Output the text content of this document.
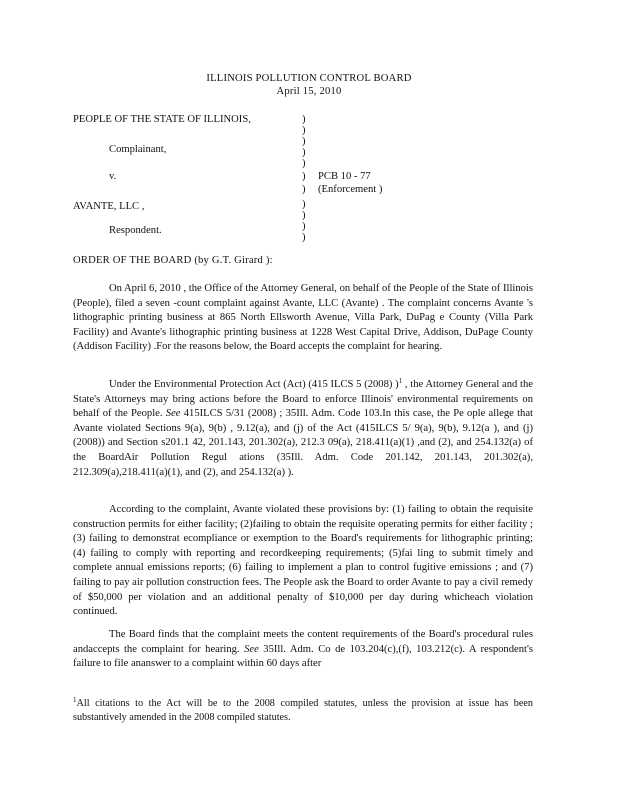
ILLINOIS POLLUTION CONTROL BOARD
April 15, 2010
PEOPLE OF THE STATE OF ILLINOIS,
Complainant,
v.
AVANTE, LLC ,
Respondent.
)
)
)
)
)
)
)
)
)
)
)
PCB 10 - 77
(Enforcement )
ORDER OF THE BOARD (by G.T. Girard ):
On April 6, 2010 , the Office of the Attorney General, on behalf of the People of the State of Illinois (People), filed a seven -count complaint against Avante, LLC (Avante) . The complaint concerns Avante 's lithographic printing business at 865 North Ellsworth Avenue, Villa Park, DuPag e County (Villa Park Facility) and Avante's lithographic printing business at 1228 West Capital Drive, Addison, DuPage County (Addison Facility) .For the reasons below, the Board accepts the complaint for hearing.
Under the Environmental Protection Act (Act) (415 ILCS 5 (2008) )$^1$ , the Attorney General and the State's Attorneys may bring actions before the Board to enforce Illinois' environmental requirements on behalf of the People. See 415ILCS 5/31 (2008) ; 35Ill. Adm. Code 103.In this case, the Pe ople allege that Avante violated Sections 9(a), 9(b) , 9.12(a), and (j) of the Act (415ILCS 5/ 9(a), 9(b), 9.12(a ), and (j) (2008)) and Section s201.1 42, 201.143, 201.302(a), 212.3 09(a), 218.411(a)(1) ,and (2), and 254.132(a) of the BoardAir Pollution Regul ations (35Ill. Adm. Code 201.142, 201.143, 201.302(a), 212.309(a),218.411(a)(1), and (2), and 254.132(a) ).
According to the complaint, Avante violated these provisions by: (1) failing to obtain the requisite construction permits for either facility; (2)failing to obtain the requisite operating permits for either facility ; (3) failing to demonstrat ecompliance or exemption to the Board's requirements for lithographic printing; (4) failing to comply with reporting and recordkeeping requirements; (5)fai ling to submit timely and complete annual emissions reports; (6) failing to implement a plan to control fugitive emissions ; and (7) failing to pay air pollution construction fees. The People ask the Board to order Avante to pay a civil remedy of $50,000 per violation and an additional penalty of $10,000 per day during whicheach violation continued.
The Board finds that the complaint meets the content requirements of the Board's procedural rules andaccepts the complaint for hearing. See 35Ill. Adm. Co de 103.204(c),(f), 103.212(c). A respondent's failure to file ananswer to a complaint within 60 days after
$^1$All citations to the Act will be to the 2008 compiled statutes, unless the provision at issue has been substantively amended in the 2008 compiled statutes.
